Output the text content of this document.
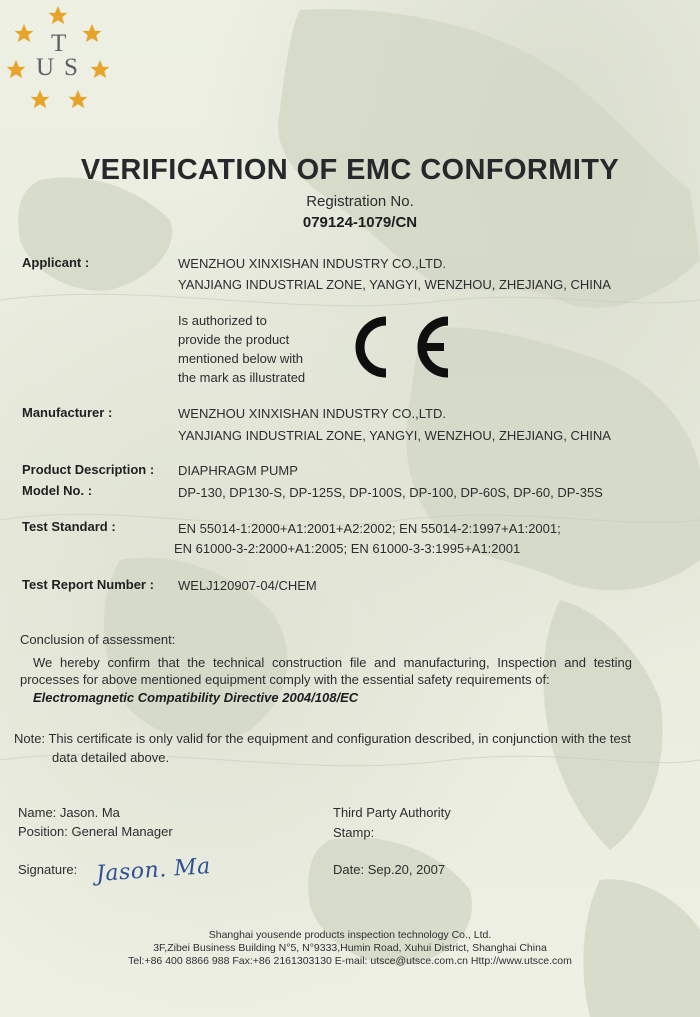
T
U S
VERIFICATION OF EMC CONFORMITY
Registration No.
079124-1079/CN
Applicant :	WENZHOU XINXISHAN INDUSTRY CO.,LTD.
YANJIANG INDUSTRIAL ZONE, YANGYI, WENZHOU, ZHEJIANG, CHINA
Is authorized to
provide the product
mentioned below with
the mark as illustrated
Manufacturer :	WENZHOU XINXISHAN INDUSTRY CO.,LTD.
YANJIANG INDUSTRIAL ZONE, YANGYI, WENZHOU, ZHEJIANG, CHINA
Product Description : DIAPHRAGM PUMP
Model No. :	DP-130, DP130-S, DP-125S, DP-100S, DP-100, DP-60S, DP-60, DP-35S
Test Standard :	EN 55014-1:2000+A1:2001+A2:2002; EN 55014-2:1997+A1:2001;
EN 61000-3-2:2000+A1:2005; EN 61000-3-3:1995+A1:2001
Test Report Number : WELJ120907-04/CHEM
Conclusion of assessment:
We hereby confirm that the technical construction file and manufacturing, Inspection and testing
processes for above mentioned equipment comply with the essential safety requirements of:
Electromagnetic Compatibility Directive 2004/108/EC
Note: This certificate is only valid for the equipment and configuration described, in conjunction with the test
data detailed above.
Name: Jason. Ma
Position: General Manager
Signature: Jason. Ma
Third Party Authority
Stamp:
Date: Sep.20, 2007
Shanghai yousende products inspection technology Co., Ltd.
3F,Zibei Business Building N°5, N°9333,Humin Road, Xuhui District, Shanghai China
Tel:+86 400 8866 988 Fax:+86 2161303130 E-mail: utsce@utsce.com.cn Http://www.utsce.com
